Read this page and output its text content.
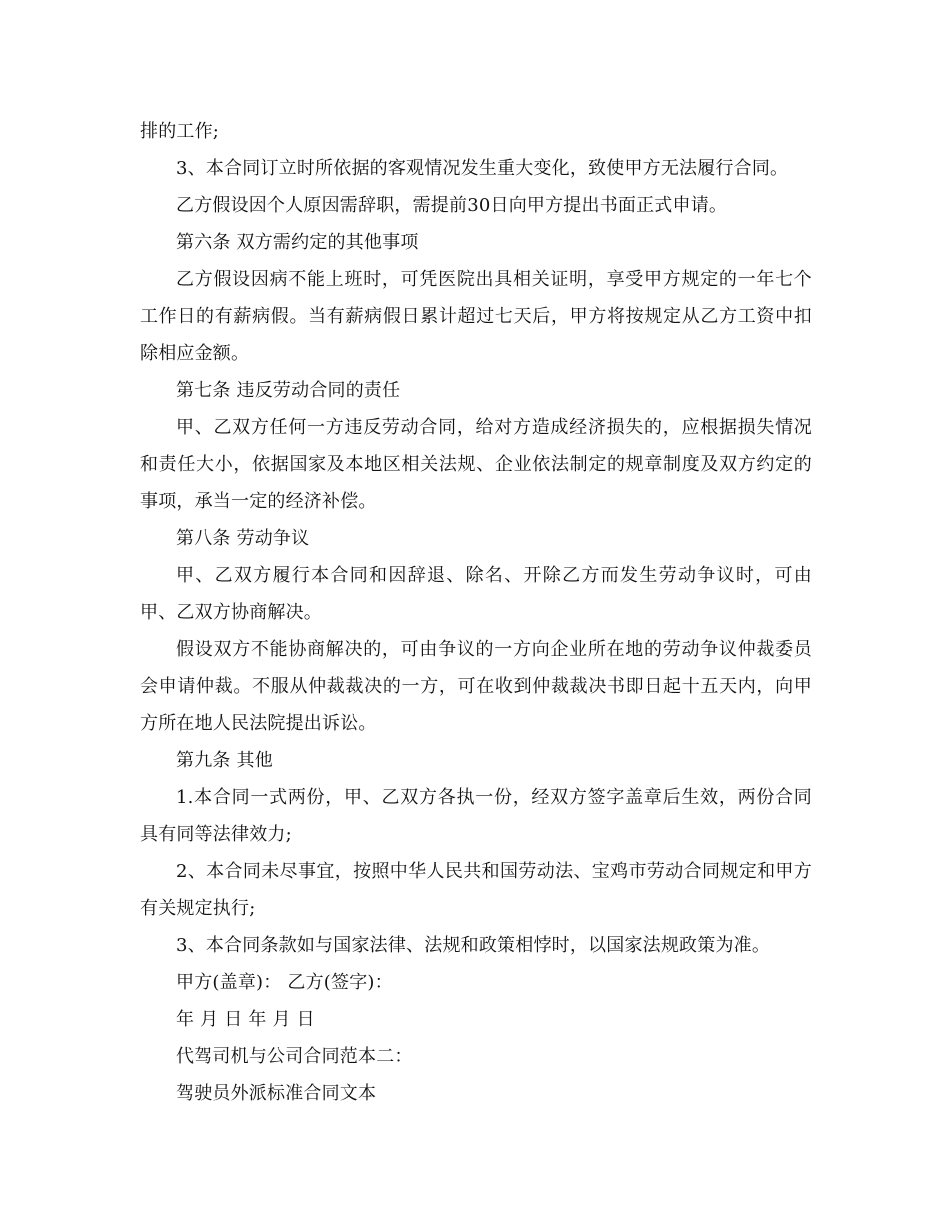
排的工作;

3、本合同订立时所依据的客观情况发生重大变化，致使甲方无法履行合同。

乙方假设因个人原因需辞职，需提前30日向甲方提出书面正式申请。

第六条 双方需约定的其他事项

乙方假设因病不能上班时，可凭医院出具相关证明，享受甲方规定的一年七个工作日的有薪病假。当有薪病假日累计超过七天后，甲方将按规定从乙方工资中扣除相应金额。

第七条 违反劳动合同的责任

甲、乙双方任何一方违反劳动合同，给对方造成经济损失的，应根据损失情况和责任大小，依据国家及本地区相关法规、企业依法制定的规章制度及双方约定的事项，承当一定的经济补偿。

第八条 劳动争议

甲、乙双方履行本合同和因辞退、除名、开除乙方而发生劳动争议时，可由甲、乙双方协商解决。

假设双方不能协商解决的，可由争议的一方向企业所在地的劳动争议仲裁委员会申请仲裁。不服从仲裁裁决的一方，可在收到仲裁裁决书即日起十五天内，向甲方所在地人民法院提出诉讼。

第九条 其他

1.本合同一式两份，甲、乙双方各执一份，经双方签字盖章后生效，两份合同具有同等法律效力;

2、本合同未尽事宜，按照中华人民共和国劳动法、宝鸡市劳动合同规定和甲方有关规定执行;

3、本合同条款如与国家法律、法规和政策相悖时，以国家法规政策为准。

甲方(盖章)： 乙方(签字)：

年 月 日 年 月 日

代驾司机与公司合同范本二：

驾驶员外派标准合同文本
